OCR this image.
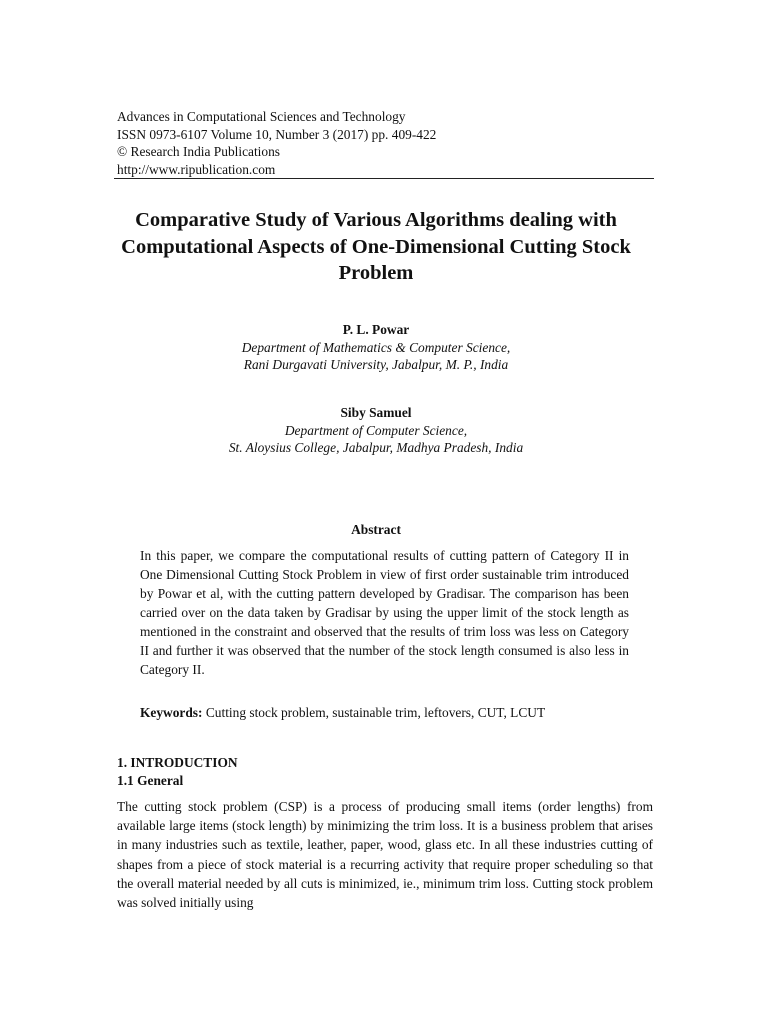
Advances in Computational Sciences and Technology
ISSN 0973-6107 Volume 10, Number 3 (2017) pp. 409-422
© Research India Publications
http://www.ripublication.com
Comparative Study of Various Algorithms dealing with Computational Aspects of One-Dimensional Cutting Stock Problem
P. L. Powar
Department of Mathematics & Computer Science,
Rani Durgavati University, Jabalpur, M. P., India
Siby Samuel
Department of Computer Science,
St. Aloysius College, Jabalpur, Madhya Pradesh, India
Abstract
In this paper, we compare the computational results of cutting pattern of Category II in One Dimensional Cutting Stock Problem in view of first order sustainable trim introduced by Powar et al, with the cutting pattern developed by Gradisar. The comparison has been carried over on the data taken by Gradisar by using the upper limit of the stock length as mentioned in the constraint and observed that the results of trim loss was less on Category II and further it was observed that the number of the stock length consumed is also less in Category II.
Keywords: Cutting stock problem, sustainable trim, leftovers, CUT, LCUT
1. INTRODUCTION
1.1 General
The cutting stock problem (CSP) is a process of producing small items (order lengths) from available large items (stock length) by minimizing the trim loss. It is a business problem that arises in many industries such as textile, leather, paper, wood, glass etc. In all these industries cutting of shapes from a piece of stock material is a recurring activity that require proper scheduling so that the overall material needed by all cuts is minimized, ie., minimum trim loss. Cutting stock problem was solved initially using
